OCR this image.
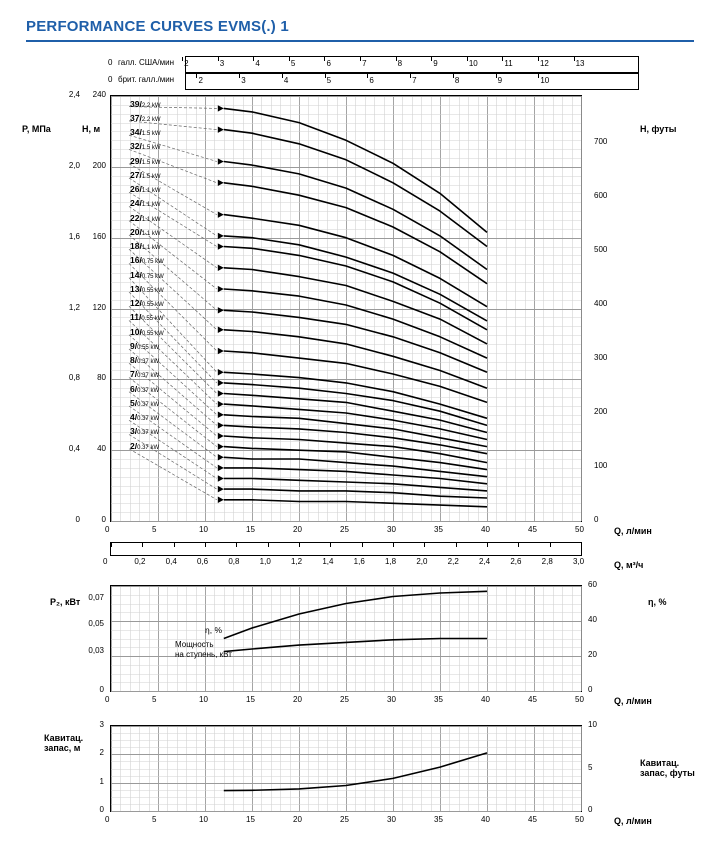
PERFORMANCE CURVES EVMS(.) 1
0 галл. США/мин
0 брит. галл./мин
2	3	4	5	6	7	8	9	10	11	12	13
2	3	4	5	6	7	8	9	10
P, МПа	H, м	H, футы
Q, л/мин
Q, м³/ч
P₂, кВт	η, %
Q, л/мин
η, %
Мощность
на ступень, кВт
Кавитац.
запас, м
Кавитац.
запас, футы
Q, л/мин
2,4
2,0
1,6
1,2
0,8
0,4
0
240
200
160
120
80
40
0
700
600
500
400
300
200
100
0
0	5	10	15	20	25	30	35	40	45	50
0	0,2	0,4	0,6	0,8	1,0	1,2	1,4	1,6	1,8	2,0	2,2	2,4	2,6	2,8	3,0
39/2.2 kW
37/2.2 kW
34/1.5 kW
32/1.5 kW
29/1.5 kW
27/1.5 kW
26/1.1 kW
24/1.1 kW
22/1.1 kW
20/1.1 kW
18/1.1 kW
16/0.75 kW
14/0.75 kW
13/0.55 kW
12/0.55 kW
11/0.55 kW
10/0.55 kW
9/0.55 kW
8/0.37 kW
7/0.37 kW
6/0.37 kW
5/0.37 kW
4/0.37 kW
3/0.37 kW
2/0.37 kW
0,07
0,05
0,03
0
60
40
20
0
0	5	10	15	20	25	30	35	40	45	50
3
2
1
0
10
5
0
0	5	10	15	20	25	30	35	40	45	50
